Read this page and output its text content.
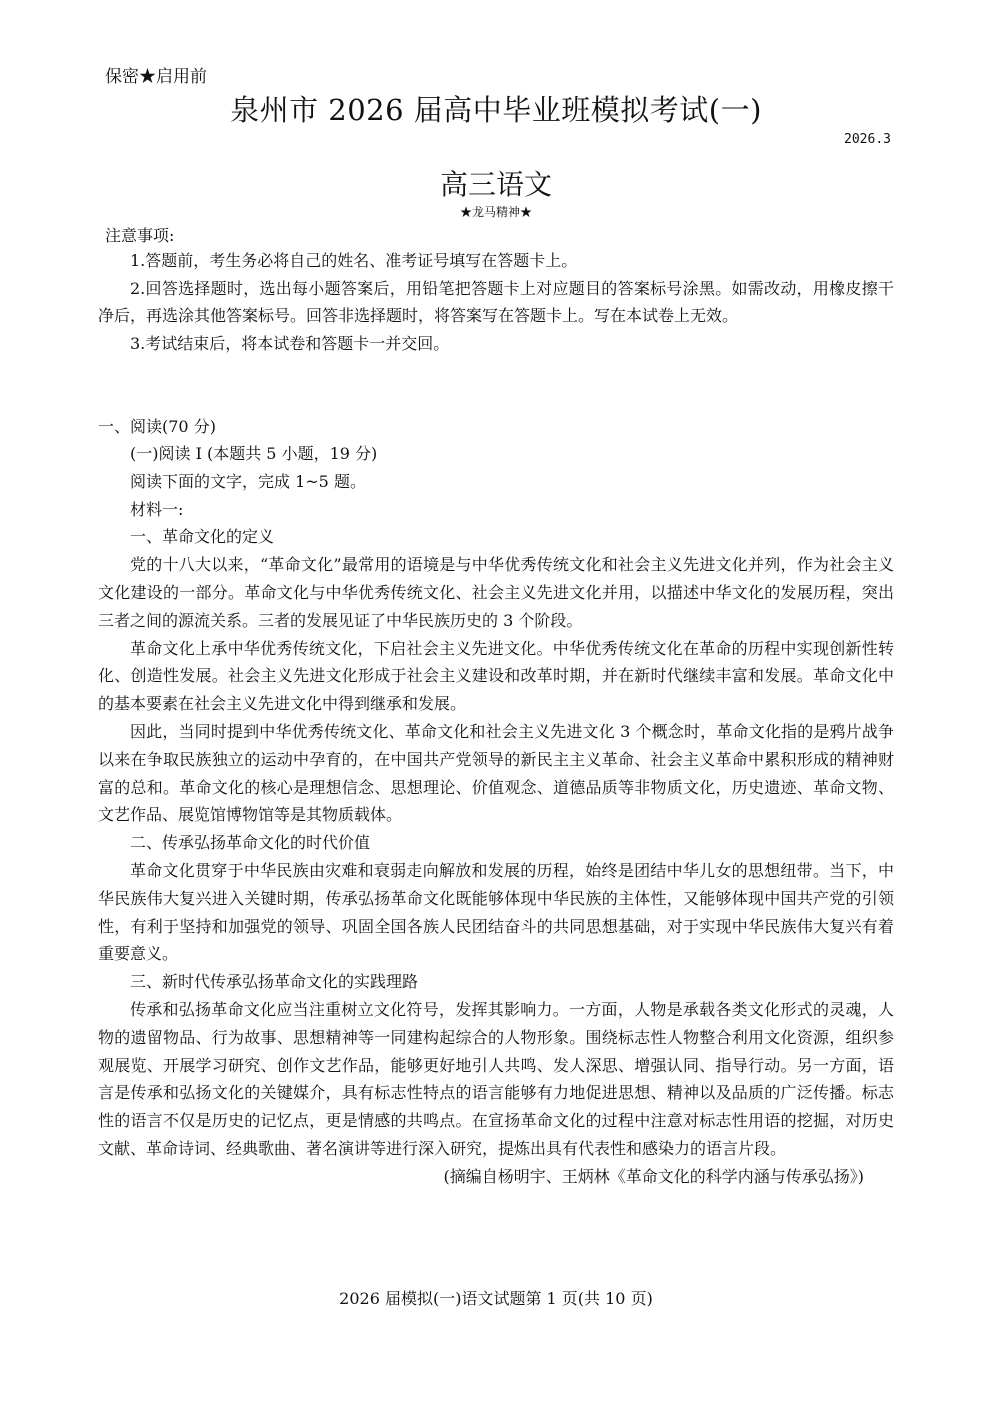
保密★启用前
泉州市 2026 届高中毕业班模拟考试(一)
2026.3
高三语文
★龙马精神★
注意事项:

1.答题前，考生务必将自己的姓名、准考证号填写在答题卡上。

2.回答选择题时，选出每小题答案后，用铅笔把答题卡上对应题目的答案标号涂黑。如需改动，用橡皮擦干净后，再选涂其他答案标号。回答非选择题时，将答案写在答题卡上。写在本试卷上无效。

3.考试结束后，将本试卷和答题卡一并交回。

一、阅读(70 分)

(一)阅读 I (本题共 5 小题，19 分)

阅读下面的文字，完成 1~5 题。

材料一:

一、革命文化的定义

党的十八大以来，“革命文化”最常用的语境是与中华优秀传统文化和社会主义先进文化并列，作为社会主义文化建设的一部分。革命文化与中华优秀传统文化、社会主义先进文化并用，以描述中华文化的发展历程，突出三者之间的源流关系。三者的发展见证了中华民族历史的 3 个阶段。

革命文化上承中华优秀传统文化，下启社会主义先进文化。中华优秀传统文化在革命的历程中实现创新性转化、创造性发展。社会主义先进文化形成于社会主义建设和改革时期，并在新时代继续丰富和发展。革命文化中的基本要素在社会主义先进文化中得到继承和发展。

因此，当同时提到中华优秀传统文化、革命文化和社会主义先进文化 3 个概念时，革命文化指的是鸦片战争以来在争取民族独立的运动中孕育的，在中国共产党领导的新民主主义革命、社会主义革命中累积形成的精神财富的总和。革命文化的核心是理想信念、思想理论、价值观念、道德品质等非物质文化，历史遗迹、革命文物、文艺作品、展览馆博物馆等是其物质载体。

二、传承弘扬革命文化的时代价值

革命文化贯穿于中华民族由灾难和衰弱走向解放和发展的历程，始终是团结中华儿女的思想纽带。当下，中华民族伟大复兴进入关键时期，传承弘扬革命文化既能够体现中华民族的主体性，又能够体现中国共产党的引领性，有利于坚持和加强党的领导、巩固全国各族人民团结奋斗的共同思想基础，对于实现中华民族伟大复兴有着重要意义。

三、新时代传承弘扬革命文化的实践理路

传承和弘扬革命文化应当注重树立文化符号，发挥其影响力。一方面，人物是承载各类文化形式的灵魂，人物的遗留物品、行为故事、思想精神等一同建构起综合的人物形象。围绕标志性人物整合利用文化资源，组织参观展览、开展学习研究、创作文艺作品，能够更好地引人共鸣、发人深思、增强认同、指导行动。另一方面，语言是传承和弘扬文化的关键媒介，具有标志性特点的语言能够有力地促进思想、精神以及品质的广泛传播。标志性的语言不仅是历史的记忆点，更是情感的共鸣点。在宣扬革命文化的过程中注意对标志性用语的挖掘，对历史文献、革命诗词、经典歌曲、著名演讲等进行深入研究，提炼出具有代表性和感染力的语言片段。

(摘编自杨明宇、王炳林《革命文化的科学内涵与传承弘扬》)

2026 届模拟(一)语文试题第 1 页(共 10 页)
